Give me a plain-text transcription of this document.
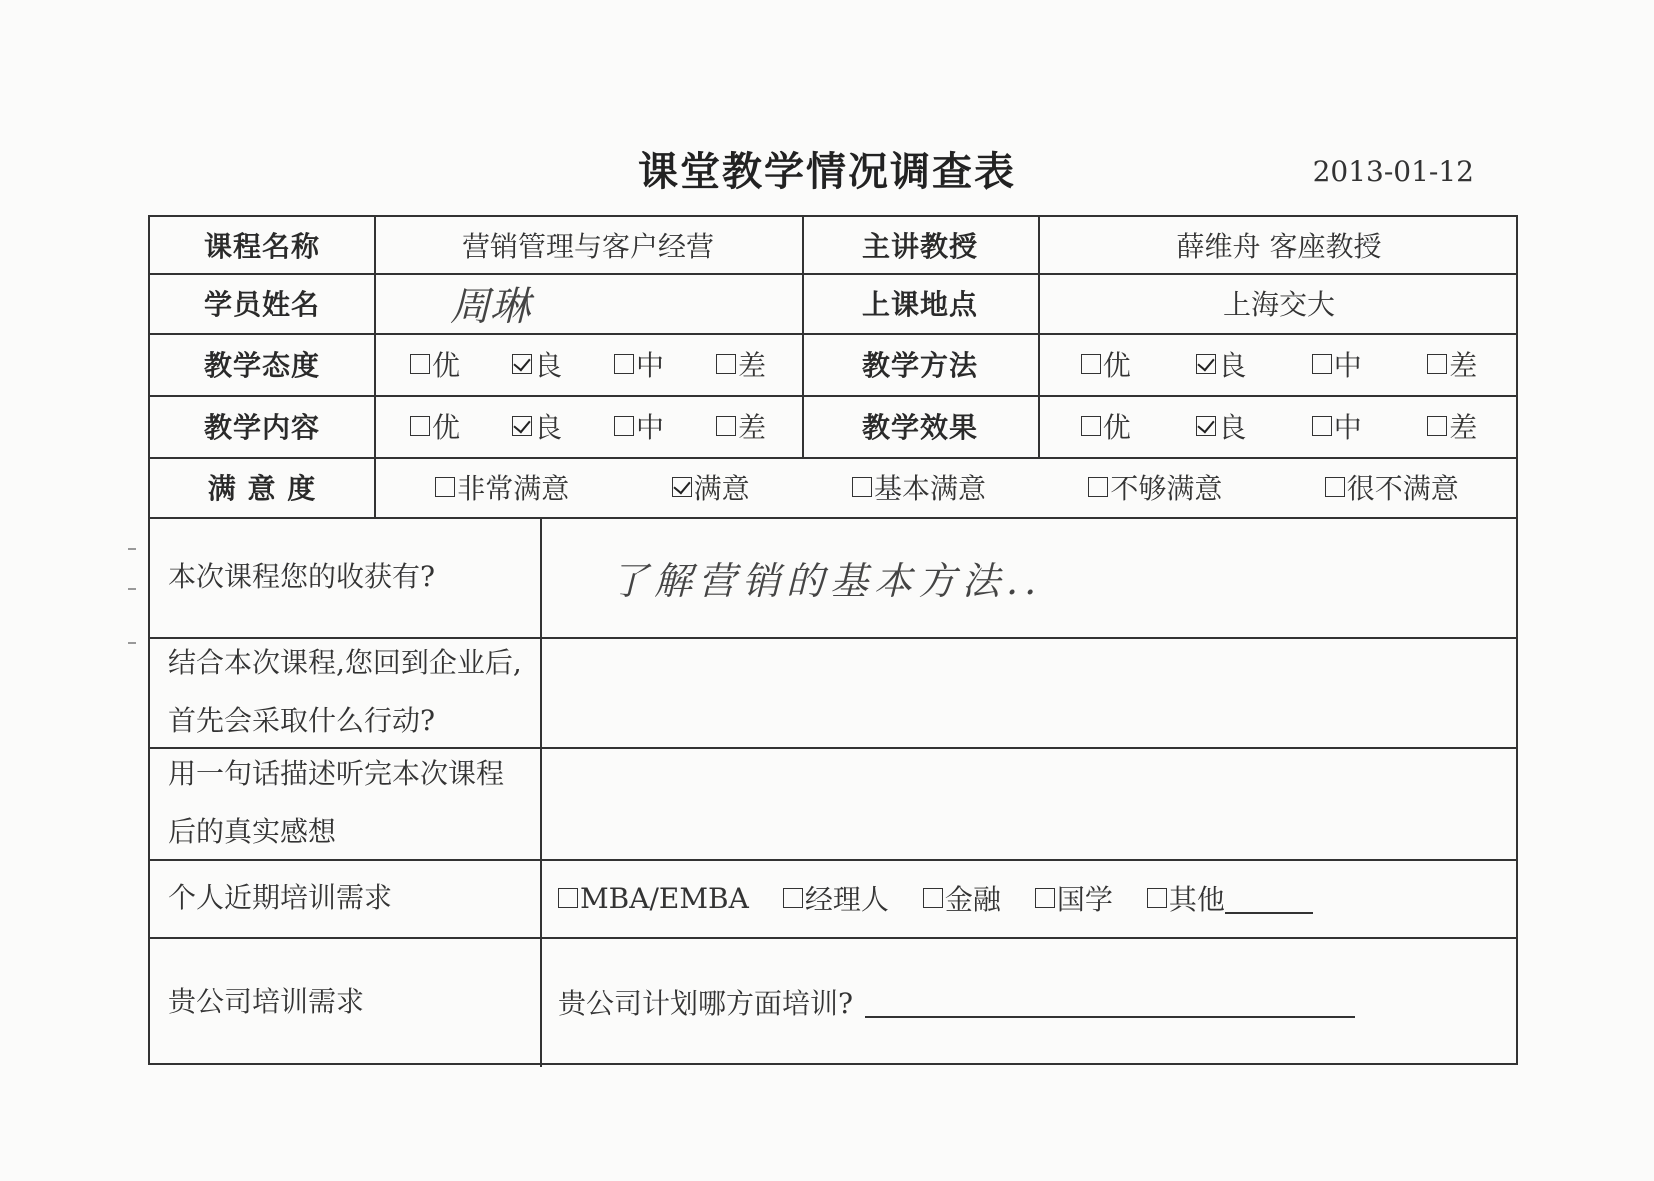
课堂教学情况调查表	2013-01-12
课程名称	营销管理与客户经营	主讲教授	薛维舟 客座教授
学员姓名	周琳	上课地点	上海交大
教学态度	优	良	中	差	教学方法	优	良	中	差
教学内容	优	良	中	差	教学效果	优	良	中	差
满 意 度	非常满意	满意	基本满意	不够满意	很不满意
本次课程您的收获有?	了解营销的基本方法..
结合本次课程,您回到企业后,首先会采取什么行动?
用一句话描述听完本次课程后的真实感想
个人近期培训需求	MBA/EMBA 经理人 金融 国学 其他
贵公司培训需求	贵公司计划哪方面培训?
